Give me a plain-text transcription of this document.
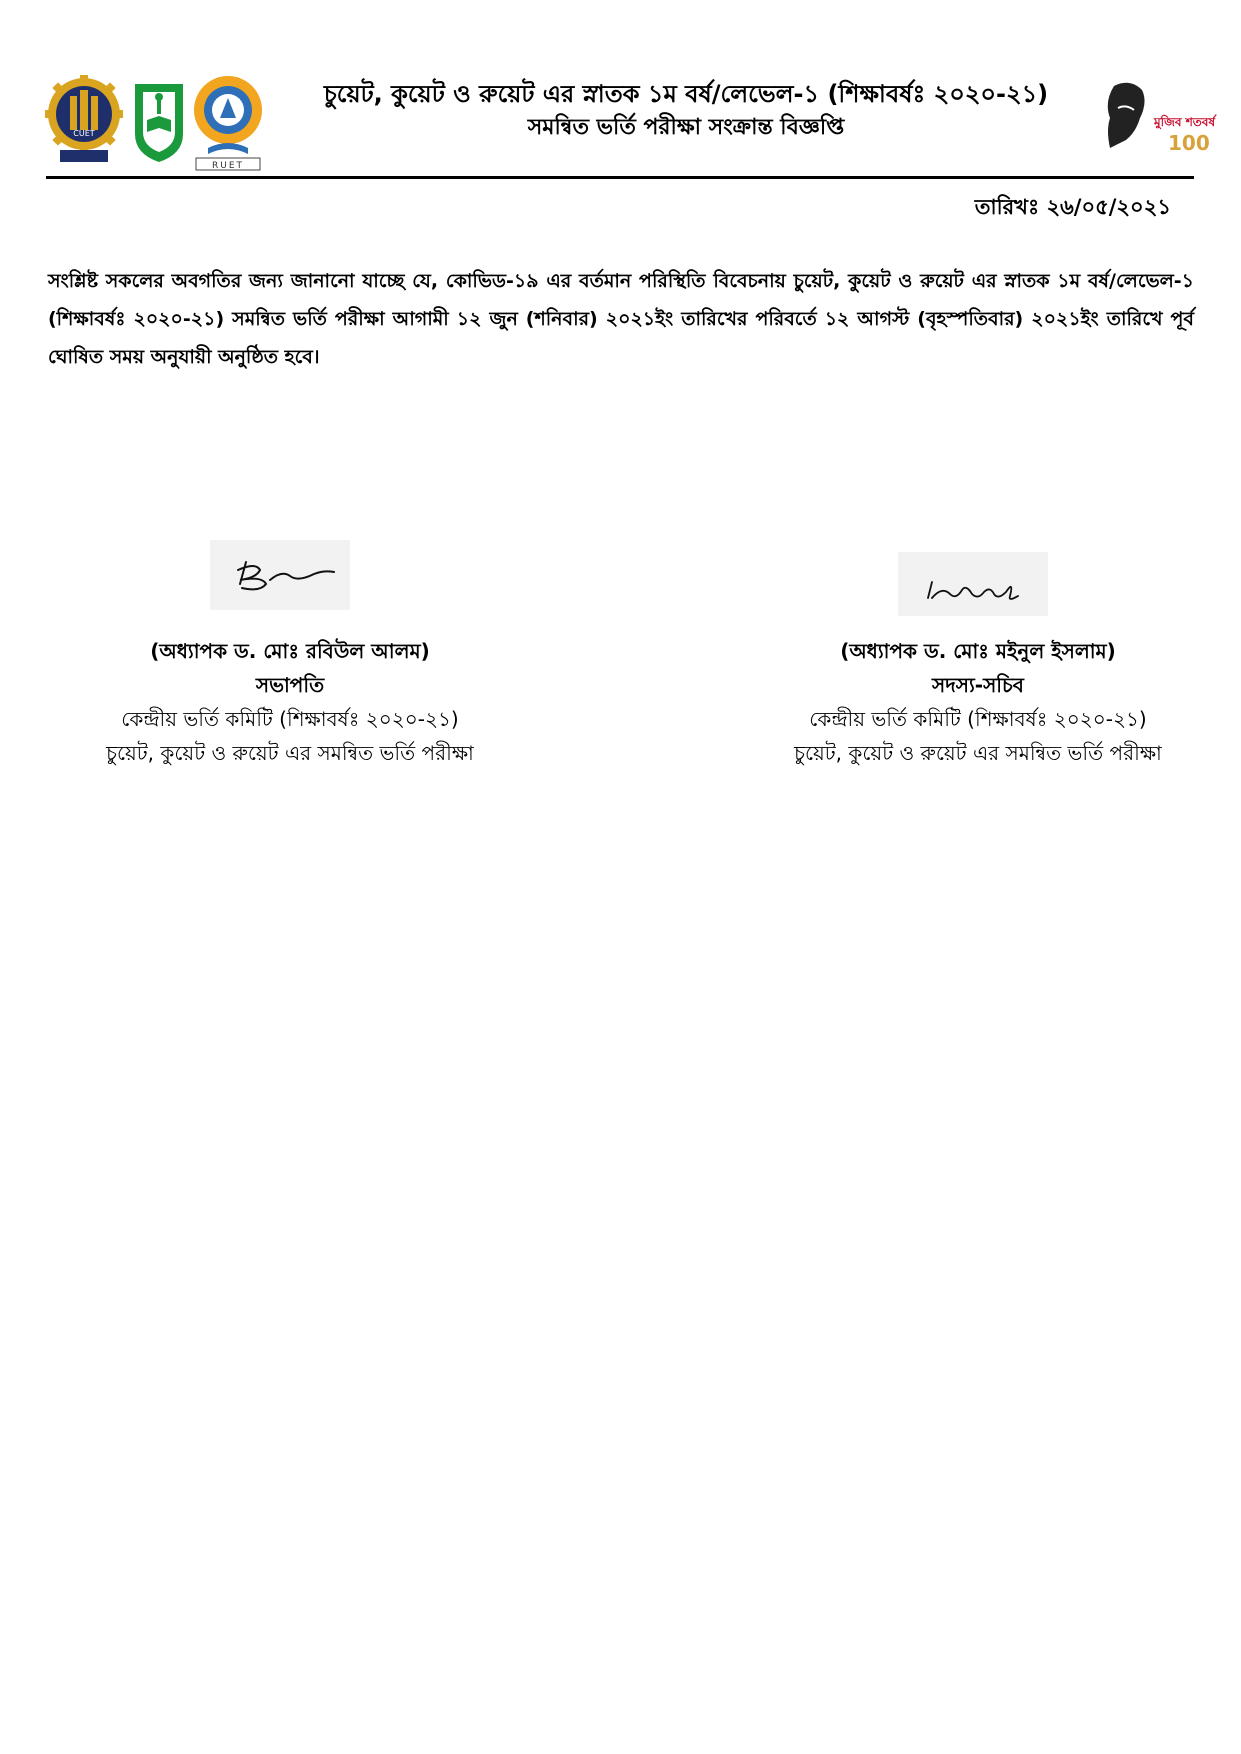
CUET
RUET
চুয়েট, কুয়েট ও রুয়েট এর স্নাতক ১ম বর্ষ/লেভেল-১ (শিক্ষাবর্ষঃ ২০২০-২১)
সমন্বিত ভর্তি পরীক্ষা সংক্রান্ত বিজ্ঞপ্তি	মুজিব শতবর্ষ
100
তারিখঃ ২৬/০৫/২০২১
সংশ্লিষ্ট সকলের অবগতির জন্য জানানো যাচ্ছে যে, কোভিড-১৯ এর বর্তমান পরিস্থিতি বিবেচনায় চুয়েট, কুয়েট ও রুয়েট এর স্নাতক ১ম বর্ষ/লেভেল-১ (শিক্ষাবর্ষঃ ২০২০-২১) সমন্বিত ভর্তি পরীক্ষা আগামী ১২ জুন (শনিবার) ২০২১ইং তারিখের পরিবর্তে ১২ আগস্ট (বৃহস্পতিবার) ২০২১ইং তারিখে পূর্ব ঘোষিত সময় অনুযায়ী অনুষ্ঠিত হবে।
(অধ্যাপক ড. মোঃ রবিউল আলম)
সভাপতি
কেন্দ্রীয় ভর্তি কমিটি (শিক্ষাবর্ষঃ ২০২০-২১)
চুয়েট, কুয়েট ও রুয়েট এর সমন্বিত ভর্তি পরীক্ষা
(অধ্যাপক ড. মোঃ মইনুল ইসলাম)
সদস্য-সচিব
কেন্দ্রীয় ভর্তি কমিটি (শিক্ষাবর্ষঃ ২০২০-২১)
চুয়েট, কুয়েট ও রুয়েট এর সমন্বিত ভর্তি পরীক্ষা
